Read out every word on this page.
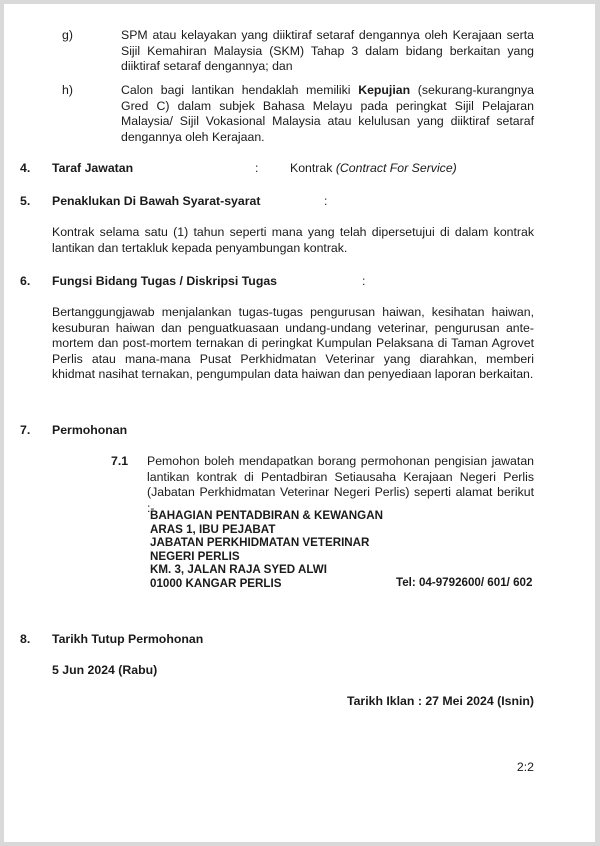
g)	SPM atau kelayakan yang diiktiraf setaraf dengannya oleh Kerajaan serta Sijil Kemahiran Malaysia (SKM) Tahap 3 dalam bidang berkaitan yang diiktiraf setaraf dengannya; dan
h)	Calon bagi lantikan hendaklah memiliki Kepujian (sekurang-kurangnya Gred C) dalam subjek Bahasa Melayu pada peringkat Sijil Pelajaran Malaysia/ Sijil Vokasional Malaysia atau kelulusan yang diiktiraf setaraf dengannya oleh Kerajaan.
4. Taraf Jawatan	:	Kontrak (Contract For Service)
5. Penaklukan Di Bawah Syarat-syarat	:
Kontrak selama satu (1) tahun seperti mana yang telah dipersetujui di dalam kontrak lantikan dan tertakluk kepada penyambungan kontrak.
6. Fungsi Bidang Tugas / Diskripsi Tugas	:
Bertanggungjawab menjalankan tugas-tugas pengurusan haiwan, kesihatan haiwan, kesuburan haiwan dan penguatkuasaan undang-undang veterinar, pengurusan ante-mortem dan post-mortem ternakan di peringkat Kumpulan Pelaksana di Taman Agrovet Perlis atau mana-mana Pusat Perkhidmatan Veterinar yang diarahkan, memberi khidmat nasihat ternakan, pengumpulan data haiwan dan penyediaan laporan berkaitan.
7. Permohonan
7.1 Pemohon boleh mendapatkan borang permohonan pengisian jawatan lantikan kontrak di Pentadbiran Setiausaha Kerajaan Negeri Perlis (Jabatan Perkhidmatan Veterinar Negeri Perlis) seperti alamat berikut :-
BAHAGIAN PENTADBIRAN & KEWANGAN
ARAS 1, IBU PEJABAT
JABATAN PERKHIDMATAN VETERINAR
NEGERI PERLIS
KM. 3, JALAN RAJA SYED ALWI
01000 KANGAR PERLIS	Tel: 04-9792600/ 601/ 602
8. Tarikh Tutup Permohonan
5 Jun 2024 (Rabu)
Tarikh Iklan : 27 Mei 2024 (Isnin)
2:2
